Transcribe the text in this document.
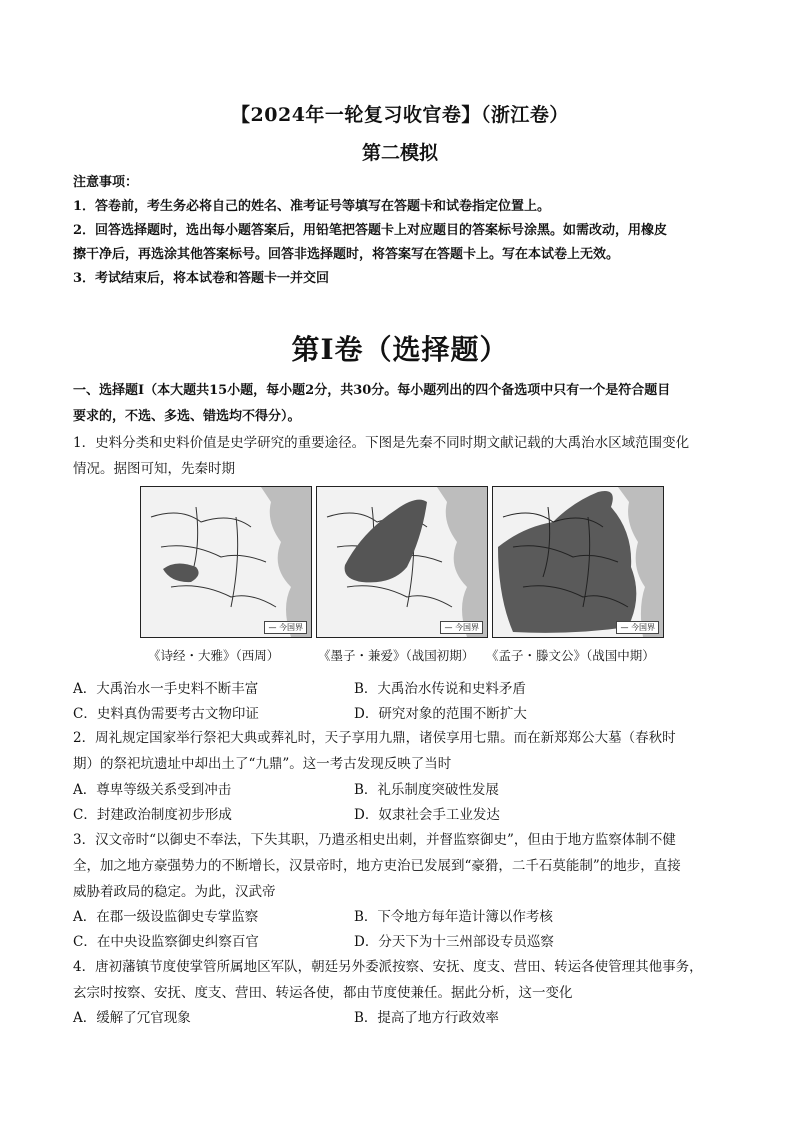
【2024年一轮复习收官卷】（浙江卷）
第二模拟
注意事项：
1．答卷前，考生务必将自己的姓名、准考证号等填写在答题卡和试卷指定位置上。
2．回答选择题时，选出每小题答案后，用铅笔把答题卡上对应题目的答案标号涂黑。如需改动，用橡皮
擦干净后，再选涂其他答案标号。回答非选择题时，将答案写在答题卡上。写在本试卷上无效。
3．考试结束后，将本试卷和答题卡一并交回
第I卷（选择题）
一、选择题I（本大题共15小题，每小题2分，共30分。每小题列出的四个备选项中只有一个是符合题目
要求的，不选、多选、错选均不得分）。
1．史料分类和史料价值是史学研究的重要途径。下图是先秦不同时期文献记载的大禹治水区域范围变化
情况。据图可知，先秦时期
— 今国界	— 今国界	— 今国界
《诗经・大雅》（西周）	《墨子・兼爱》（战国初期） 《孟子・滕文公》（战国中期）
A．大禹治水一手史料不断丰富	B．大禹治水传说和史料矛盾
C．史料真伪需要考古文物印证	D．研究对象的范围不断扩大
2．周礼规定国家举行祭祀大典或葬礼时，天子享用九鼎，诸侯享用七鼎。而在新郑郑公大墓（春秋时
期）的祭祀坑遗址中却出土了“九鼎”。这一考古发现反映了当时
A．尊卑等级关系受到冲击	B．礼乐制度突破性发展
C．封建政治制度初步形成	D．奴隶社会手工业发达
3．汉文帝时“以御史不奉法，下失其职，乃遣丞相史出刺，并督监察御史”，但由于地方监察体制不健
全，加之地方豪强势力的不断增长，汉景帝时，地方吏治已发展到“豪猾，二千石莫能制”的地步，直接
威胁着政局的稳定。为此，汉武帝
A．在郡一级设监御史专掌监察	B．下令地方每年造计簿以作考核
C．在中央设监察御史纠察百官	D．分天下为十三州部设专员巡察
4．唐初藩镇节度使掌管所属地区军队，朝廷另外委派按察、安抚、度支、营田、转运各使管理其他事务，
玄宗时按察、安抚、度支、营田、转运各使，都由节度使兼任。据此分析，这一变化
A．缓解了冗官现象	B．提高了地方行政效率
